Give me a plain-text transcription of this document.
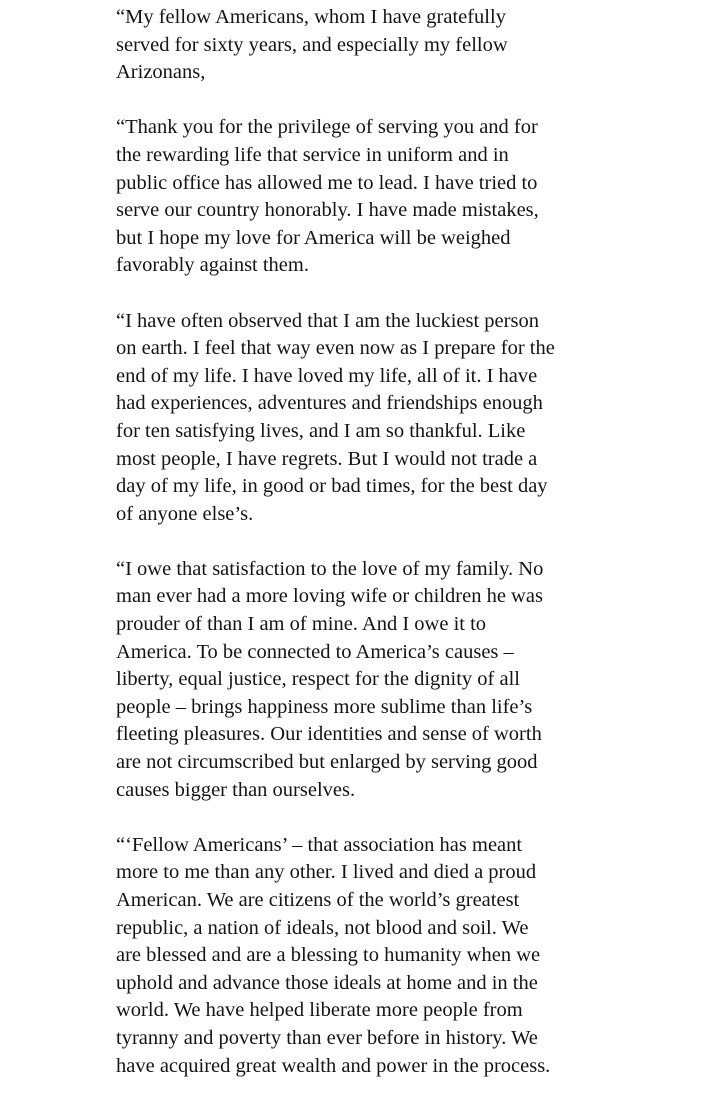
“My fellow Americans, whom I have gratefully
served for sixty years, and especially my fellow
Arizonans,

“Thank you for the privilege of serving you and for
the rewarding life that service in uniform and in
public office has allowed me to lead. I have tried to
serve our country honorably. I have made mistakes,
but I hope my love for America will be weighed
favorably against them.

“I have often observed that I am the luckiest person
on earth. I feel that way even now as I prepare for the
end of my life. I have loved my life, all of it. I have
had experiences, adventures and friendships enough
for ten satisfying lives, and I am so thankful. Like
most people, I have regrets. But I would not trade a
day of my life, in good or bad times, for the best day
of anyone else’s.

“I owe that satisfaction to the love of my family. No
man ever had a more loving wife or children he was
prouder of than I am of mine. And I owe it to
America. To be connected to America’s causes –
liberty, equal justice, respect for the dignity of all
people – brings happiness more sublime than life’s
fleeting pleasures. Our identities and sense of worth
are not circumscribed but enlarged by serving good
causes bigger than ourselves.

“‘Fellow Americans’ – that association has meant
more to me than any other. I lived and died a proud
American. We are citizens of the world’s greatest
republic, a nation of ideals, not blood and soil. We
are blessed and are a blessing to humanity when we
uphold and advance those ideals at home and in the
world. We have helped liberate more people from
tyranny and poverty than ever before in history. We
have acquired great wealth and power in the process.
